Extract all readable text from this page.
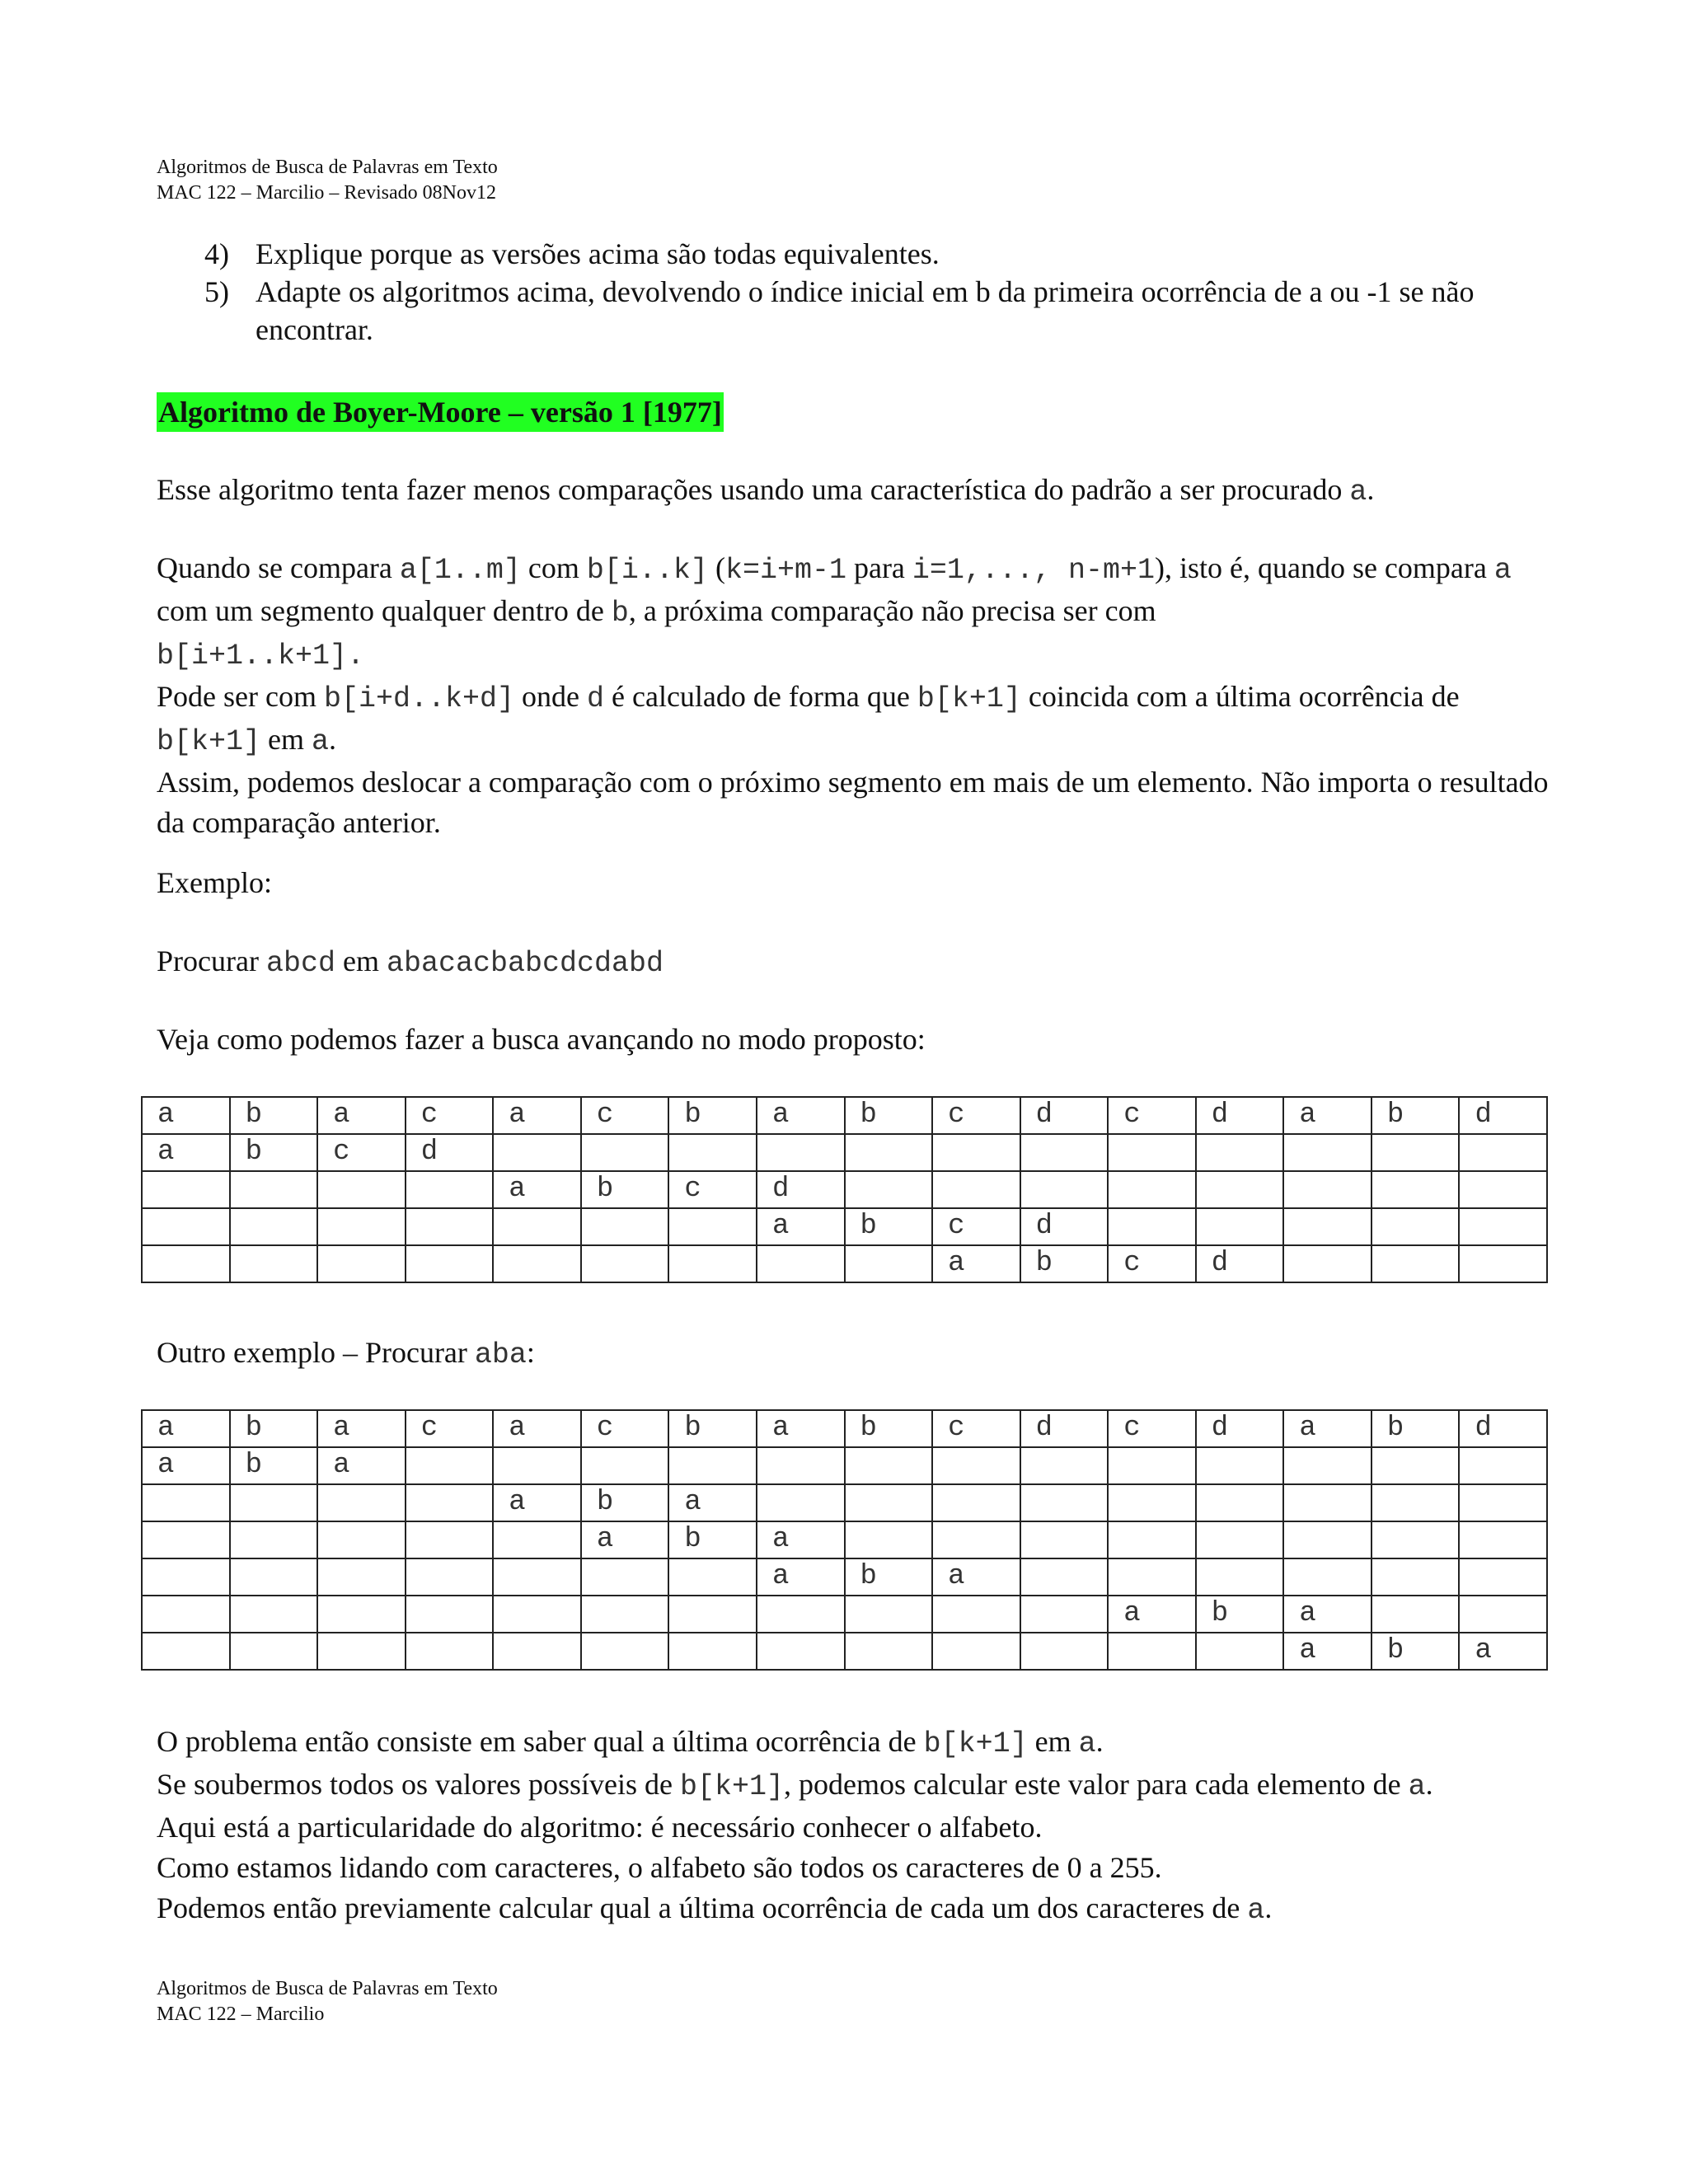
Algoritmos de Busca de Palavras em Texto
MAC 122 – Marcilio – Revisado 08Nov12
4) Explique porque as versões acima são todas equivalentes.
5) Adapte os algoritmos acima, devolvendo o índice inicial em b da primeira ocorrência de a ou -1 se não encontrar.
Algoritmo de Boyer-Moore – versão 1 [1977]
Esse algoritmo tenta fazer menos comparações usando uma característica do padrão a ser procurado a.
Quando se compara a[1..m] com b[i..k] (k=i+m-1 para i=1,..., n-m+1), isto é, quando se compara a com um segmento qualquer dentro de b, a próxima comparação não precisa ser com
b[i+1..k+1].
Pode ser com b[i+d..k+d] onde d é calculado de forma que b[k+1] coincida com a última ocorrência de b[k+1] em a.
Assim, podemos deslocar a comparação com o próximo segmento em mais de um elemento. Não importa o resultado da comparação anterior.
Exemplo:
Procurar abcd em abacacbabcdcdabd
Veja como podemos fazer a busca avançando no modo proposto:
a	b	a	c	a	c	b	a	b	c	d	c	d	a	b	d
a	b	c	d												
				a	b	c	d								
							a	b	c	d					
									a	b	c	d			
Outro exemplo – Procurar aba:
a	b	a	c	a	c	b	a	b	c	d	c	d	a	b	d
a	b	a													
				a	b	a									
					a	b	a								
							a	b	a						
											a	b	a		
													a	b	a
O problema então consiste em saber qual a última ocorrência de b[k+1] em a.
Se soubermos todos os valores possíveis de b[k+1], podemos calcular este valor para cada elemento de a.
Aqui está a particularidade do algoritmo: é necessário conhecer o alfabeto.
Como estamos lidando com caracteres, o alfabeto são todos os caracteres de 0 a 255.
Podemos então previamente calcular qual a última ocorrência de cada um dos caracteres de a.
Algoritmos de Busca de Palavras em Texto
MAC 122 – Marcilio
